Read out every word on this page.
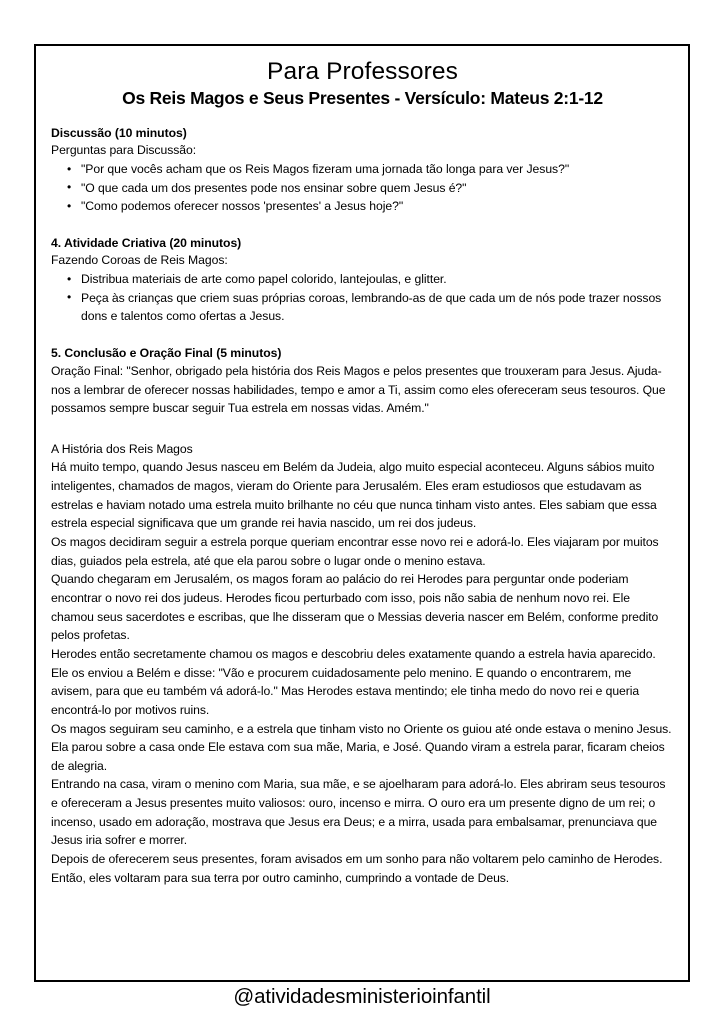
Para Professores
Os Reis Magos e Seus Presentes - Versículo: Mateus 2:1-12
Discussão (10 minutos)
Perguntas para Discussão:
• "Por que vocês acham que os Reis Magos fizeram uma jornada tão longa para ver Jesus?"
• "O que cada um dos presentes pode nos ensinar sobre quem Jesus é?"
• "Como podemos oferecer nossos 'presentes' a Jesus hoje?"
4. Atividade Criativa (20 minutos)
Fazendo Coroas de Reis Magos:
• Distribua materiais de arte como papel colorido, lantejoulas, e glitter.
• Peça às crianças que criem suas próprias coroas, lembrando-as de que cada um de nós pode trazer nossos dons e talentos como ofertas a Jesus.
5. Conclusão e Oração Final (5 minutos)
Oração Final: "Senhor, obrigado pela história dos Reis Magos e pelos presentes que trouxeram para Jesus. Ajuda-nos a lembrar de oferecer nossas habilidades, tempo e amor a Ti, assim como eles ofereceram seus tesouros. Que possamos sempre buscar seguir Tua estrela em nossas vidas. Amém."
A História dos Reis Magos

Há muito tempo, quando Jesus nasceu em Belém da Judeia, algo muito especial aconteceu. Alguns sábios muito inteligentes, chamados de magos, vieram do Oriente para Jerusalém. Eles eram estudiosos que estudavam as estrelas e haviam notado uma estrela muito brilhante no céu que nunca tinham visto antes. Eles sabiam que essa estrela especial significava que um grande rei havia nascido, um rei dos judeus.

Os magos decidiram seguir a estrela porque queriam encontrar esse novo rei e adorá-lo. Eles viajaram por muitos dias, guiados pela estrela, até que ela parou sobre o lugar onde o menino estava.

Quando chegaram em Jerusalém, os magos foram ao palácio do rei Herodes para perguntar onde poderiam encontrar o novo rei dos judeus. Herodes ficou perturbado com isso, pois não sabia de nenhum novo rei. Ele chamou seus sacerdotes e escribas, que lhe disseram que o Messias deveria nascer em Belém, conforme predito pelos profetas.

Herodes então secretamente chamou os magos e descobriu deles exatamente quando a estrela havia aparecido. Ele os enviou a Belém e disse: "Vão e procurem cuidadosamente pelo menino. E quando o encontrarem, me avisem, para que eu também vá adorá-lo." Mas Herodes estava mentindo; ele tinha medo do novo rei e queria encontrá-lo por motivos ruins.

Os magos seguiram seu caminho, e a estrela que tinham visto no Oriente os guiou até onde estava o menino Jesus. Ela parou sobre a casa onde Ele estava com sua mãe, Maria, e José. Quando viram a estrela parar, ficaram cheios de alegria.

Entrando na casa, viram o menino com Maria, sua mãe, e se ajoelharam para adorá-lo. Eles abriram seus tesouros e ofereceram a Jesus presentes muito valiosos: ouro, incenso e mirra. O ouro era um presente digno de um rei; o incenso, usado em adoração, mostrava que Jesus era Deus; e a mirra, usada para embalsamar, prenunciava que Jesus iria sofrer e morrer.

Depois de oferecerem seus presentes, foram avisados em um sonho para não voltarem pelo caminho de Herodes. Então, eles voltaram para sua terra por outro caminho, cumprindo a vontade de Deus.

@atividadesministerioinfantil
